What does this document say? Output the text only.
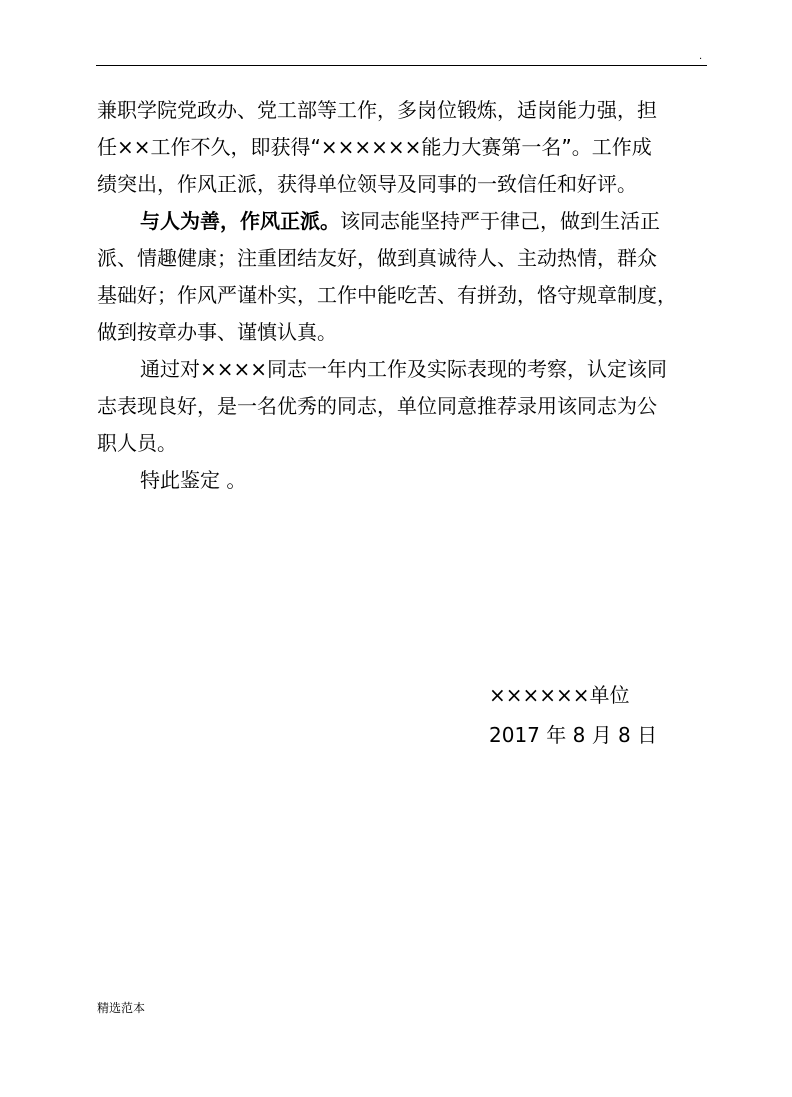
.

兼职学院党政办、党工部等工作，多岗位锻炼，适岗能力强，担

任××工作不久，即获得“××××××能力大赛第一名”。工作成

绩突出，作风正派，获得单位领导及同事的一致信任和好评。

与人为善，作风正派。该同志能坚持严于律己，做到生活正

派、情趣健康；注重团结友好，做到真诚待人、主动热情，群众

基础好；作风严谨朴实，工作中能吃苦、有拼劲，恪守规章制度，

做到按章办事、谨慎认真。

通过对××××同志一年内工作及实际表现的考察，认定该同

志表现良好，是一名优秀的同志，单位同意推荐录用该同志为公

职人员。

特此鉴定 。

××××××单位
2017 年 8 月 8 日
精选范本
